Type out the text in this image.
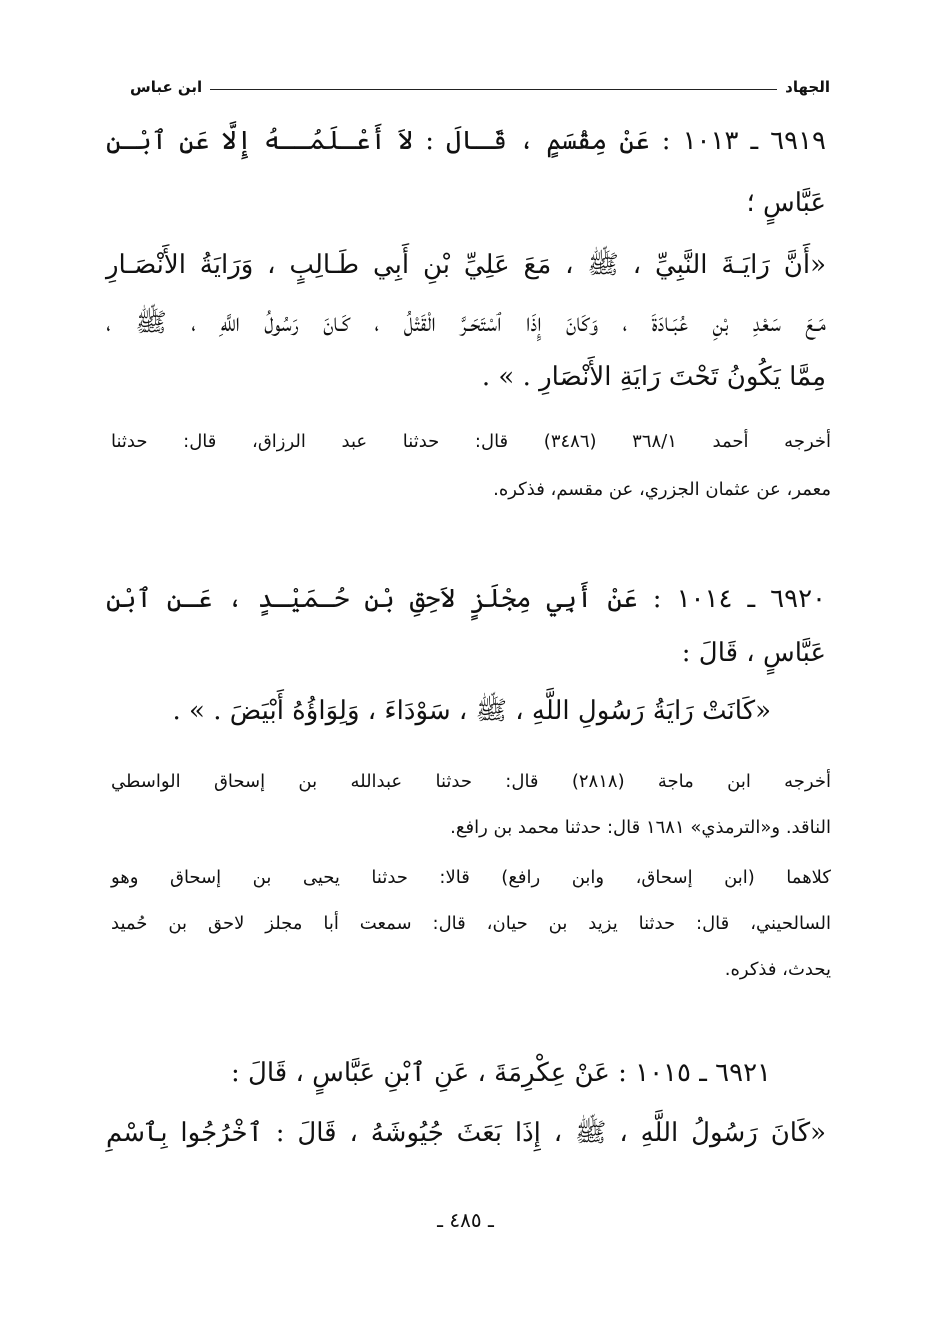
الجهاد
ابن عباس
٦٩١٩ ـ ١٠١٣ : عَنْ مِقْسَمٍ ، قَـالَ : لاَ أَعْـلَمُــهُ إِلَّا عَنِ ٱبْـنِ
عَبَّاسٍ ؛
«أَنَّ رَايَـةَ النَّبِيِّ ، ﷺ ، مَعَ عَلِيِّ بْنِ أَبِي طَـالِبٍ ، وَرَايَةُ الأَنْصَـارِ
مَـعَ سَعْدِ بْنِ عُبَـادَةَ ، وَكَانَ إِذَا ٱسْتَحَـرَّ الْقَتْلُ ، كَـانَ رَسُولُ اللَّهِ ، ﷺ ،
مِمَّا يَكُونُ تَحْتَ رَايَةِ الأَنْصَارِ . » .
أخرجه أحمد ٣٦٨/١ (٣٤٨٦) قال: حدثنا عبد الرزاق، قال: حدثنا
معمر، عن عثمان الجزري، عن مقسم، فذكره.
٦٩٢٠ ـ ١٠١٤ : عَنْ أَبِي مِجْلَزٍ لاَحِقِ بْنِ حُـمَيْـدٍ ، عَـنِ ٱبْنِ
عَبَّاسٍ ، قَالَ :
«كَانَتْ رَايَةُ رَسُولِ اللَّهِ ، ﷺ ، سَوْدَاءَ ، وَلِوَاؤُهُ أَبْيَضَ . » .
أخرجه ابن ماجة (٢٨١٨) قال: حدثنا عبدالله بن إسحاق الواسطي
الناقد. و«الترمذي» ١٦٨١ قال: حدثنا محمد بن رافع.
كلاهما (ابن إسحاق، وابن رافع) قالا: حدثنا يحيى بن إسحاق وهو
السالحيني، قال: حدثنا يزيد بن حيان، قال: سمعت أبا مجلز لاحق بن حُميد
يحدث، فذكره.
٦٩٢١ ـ ١٠١٥ : عَنْ عِكْرِمَةَ ، عَنِ ٱبْنِ عَبَّاسٍ ، قَالَ :
«كَانَ رَسُولُ اللَّهِ ، ﷺ ، إِذَا بَعَثَ جُيُوشَهُ ، قَالَ : ٱخْرُجُوا بِٱسْمِ
ـ ٤٨٥ ـ
